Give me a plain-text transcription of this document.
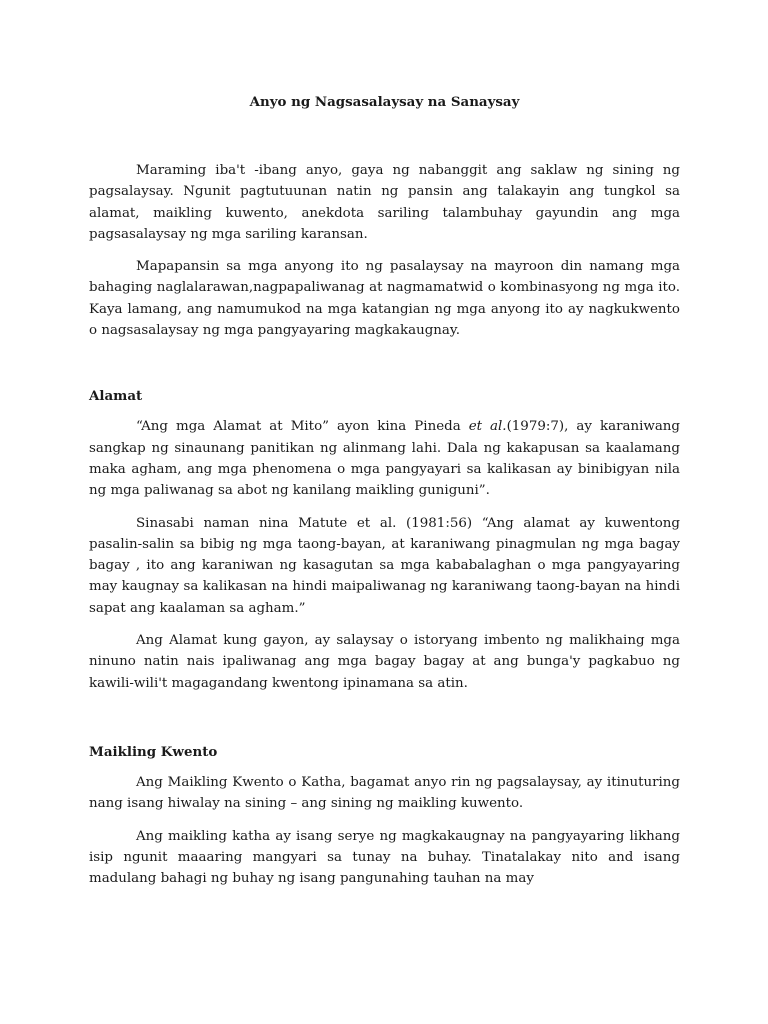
Anyo ng Nagsasalaysay na Sanaysay

Maraming iba't -ibang anyo, gaya ng nabanggit ang saklaw ng sining ng pagsalaysay. Ngunit pagtutuunan natin ng pansin ang talakayin ang tungkol sa alamat, maikling kuwento, anekdota sariling talambuhay gayundin ang mga pagsasalaysay ng mga sariling karansan.

Mapapansin sa mga anyong ito ng pasalaysay na mayroon din namang mga bahaging naglalarawan,nagpapaliwanag at nagmamatwid o kombinasyong ng mga ito. Kaya lamang, ang namumukod na mga katangian ng mga anyong ito ay nagkukwento o nagsasalaysay ng mga pangyayaring magkakaugnay.

Alamat

“Ang mga Alamat at Mito” ayon kina Pineda et al.(1979:7), ay karaniwang sangkap ng sinaunang panitikan ng alinmang lahi. Dala ng kakapusan sa kaalamang maka agham, ang mga phenomena o mga pangyayari sa kalikasan ay binibigyan nila ng mga paliwanag sa abot ng kanilang maikling guniguni”.

Sinasabi naman nina Matute et al. (1981:56) “Ang alamat ay kuwentong pasalin-salin sa bibig ng mga taong-bayan, at karaniwang pinagmulan ng mga bagay bagay , ito ang karaniwan ng kasagutan sa mga kababalaghan o mga pangyayaring may kaugnay sa kalikasan na hindi maipaliwanag ng karaniwang taong-bayan na hindi sapat ang kaalaman sa agham.”

Ang Alamat kung gayon, ay salaysay o istoryang imbento ng malikhaing mga ninuno natin nais ipaliwanag ang mga bagay bagay at ang bunga'y pagkabuo ng kawili-wili't magagandang kwentong ipinamana sa atin.

Maikling Kwento

Ang Maikling Kwento o Katha, bagamat anyo rin ng pagsalaysay, ay itinuturing nang isang hiwalay na sining – ang sining ng maikling kuwento.

Ang maikling katha ay isang serye ng magkakaugnay na pangyayaring likhang isip ngunit maaaring mangyari sa tunay na buhay. Tinatalakay nito and isang madulang bahagi ng buhay ng isang pangunahing tauhan na may
